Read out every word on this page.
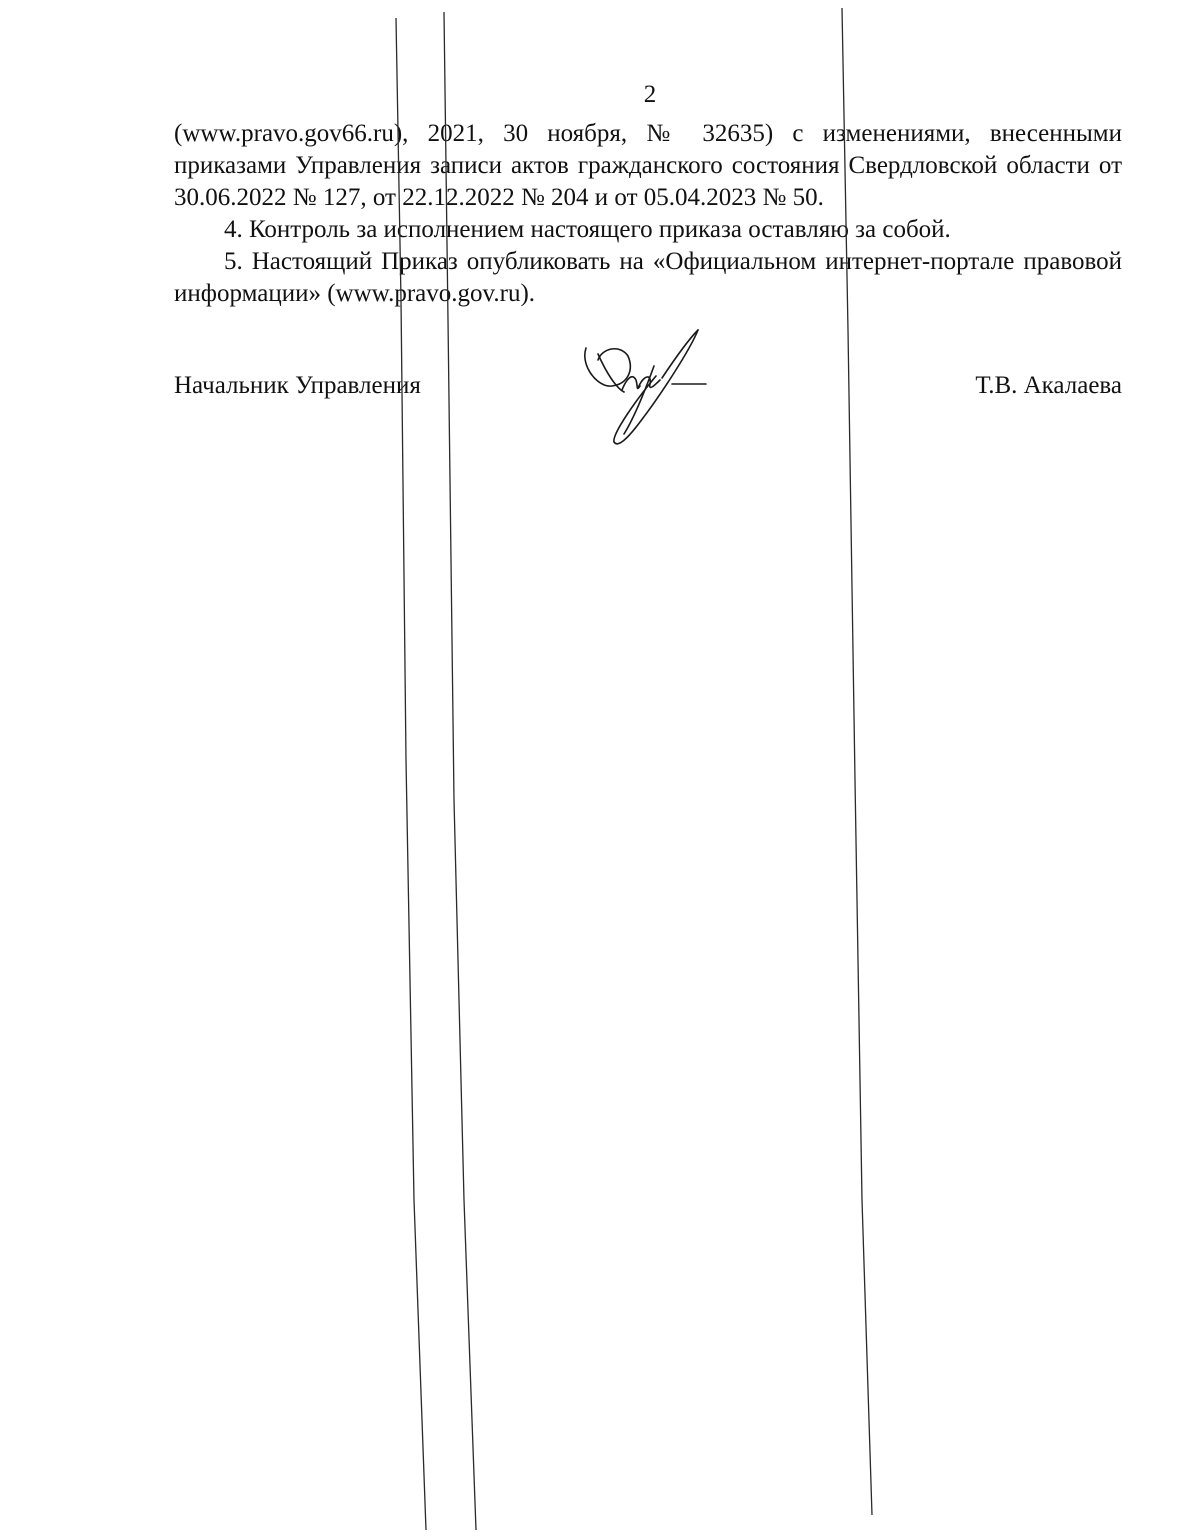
2

(www.pravo.gov66.ru), 2021, 30 ноября, № 32635) с изменениями, внесенными приказами Управления записи актов гражданского состояния Свердловской области от 30.06.2022 № 127, от 22.12.2022 № 204 и от 05.04.2023 № 50.

4. Контроль за исполнением настоящего приказа оставляю за собой.

5. Настоящий Приказ опубликовать на «Официальном интернет-портале правовой информации» (www.pravo.gov.ru).

Начальник Управления	Т.В. Акалаева
